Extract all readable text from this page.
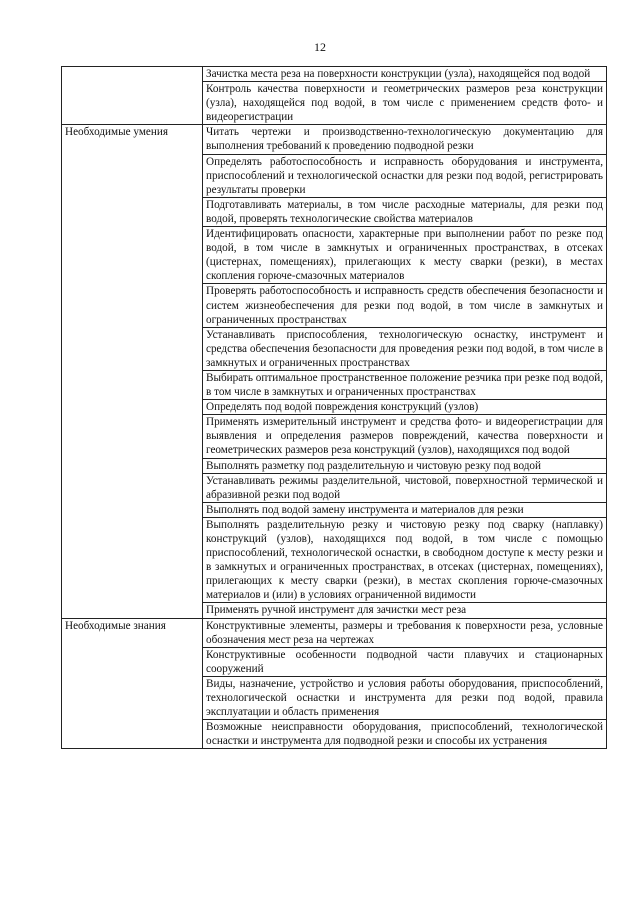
12
	Зачистка места реза на поверхности конструкции (узла), находящейся под водой
	Контроль качества поверхности и геометрических размеров реза конструкции (узла), находящейся под водой, в том числе с применением средств фото- и видеорегистрации

Необходимые умения	Читать чертежи и производственно-технологическую документацию для выполнения требований к проведению подводной резки
	Определять работоспособность и исправность оборудования и инструмента, приспособлений и технологической оснастки для резки под водой, регистрировать результаты проверки
	Подготавливать материалы, в том числе расходные материалы, для резки под водой, проверять технологические свойства материалов
	Идентифицировать опасности, характерные при выполнении работ по резке под водой, в том числе в замкнутых и ограниченных пространствах, в отсеках (цистернах, помещениях), прилегающих к месту сварки (резки), в местах скопления горюче-смазочных материалов
	Проверять работоспособность и исправность средств обеспечения безопасности и систем жизнеобеспечения для резки под водой, в том числе в замкнутых и ограниченных пространствах
	Устанавливать приспособления, технологическую оснастку, инструмент и средства обеспечения безопасности для проведения резки под водой, в том числе в замкнутых и ограниченных пространствах
	Выбирать оптимальное пространственное положение резчика при резке под водой, в том числе в замкнутых и ограниченных пространствах
	Определять под водой повреждения конструкций (узлов)
	Применять измерительный инструмент и средства фото- и видеорегистрации для выявления и определения размеров повреждений, качества поверхности и геометрических размеров реза конструкций (узлов), находящихся под водой
	Выполнять разметку под разделительную и чистовую резку под водой
	Устанавливать режимы разделительной, чистовой, поверхностной термической и абразивной резки под водой
	Выполнять под водой замену инструмента и материалов для резки
	Выполнять разделительную резку и чистовую резку под сварку (наплавку) конструкций (узлов), находящихся под водой, в том числе с помощью приспособлений, технологической оснастки, в свободном доступе к месту резки и в замкнутых и ограниченных пространствах, в отсеках (цистернах, помещениях), прилегающих к месту сварки (резки), в местах скопления горюче-смазочных материалов и (или) в условиях ограниченной видимости
	Применять ручной инструмент для зачистки мест реза

Необходимые знания	Конструктивные элементы, размеры и требования к поверхности реза, условные обозначения мест реза на чертежах
	Конструктивные особенности подводной части плавучих и стационарных сооружений
	Виды, назначение, устройство и условия работы оборудования, приспособлений, технологической оснастки и инструмента для резки под водой, правила эксплуатации и область применения
	Возможные неисправности оборудования, приспособлений, технологической оснастки и инструмента для подводной резки и способы их устранения
